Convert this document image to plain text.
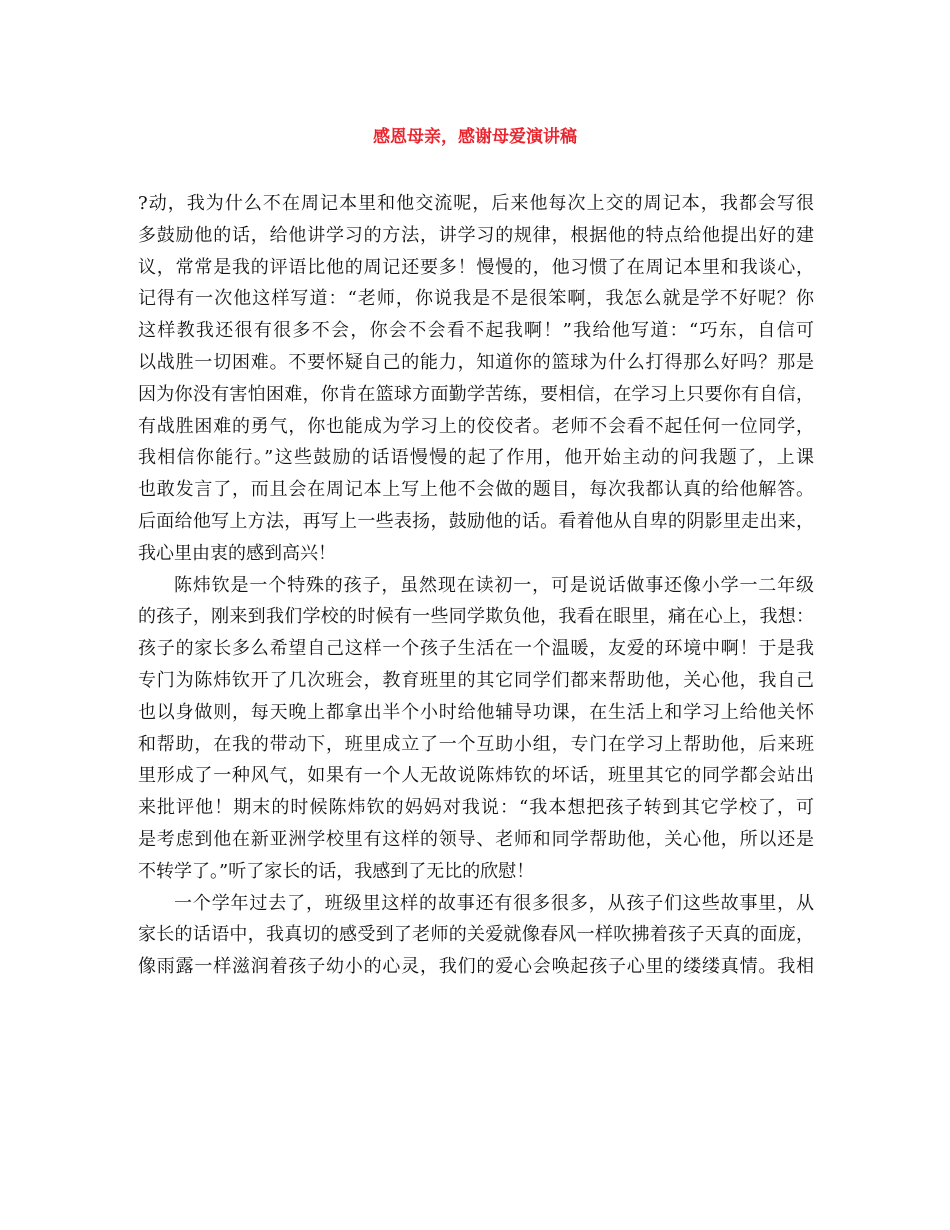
感恩母亲，感谢母爱演讲稿
?动，我为什么不在周记本里和他交流呢，后来他每次上交的周记本，我都会写很
多鼓励他的话，给他讲学习的方法，讲学习的规律，根据他的特点给他提出好的建
议，常常是我的评语比他的周记还要多！慢慢的，他习惯了在周记本里和我谈心，
记得有一次他这样写道：“老师，你说我是不是很笨啊，我怎么就是学不好呢？你
这样教我还很有很多不会，你会不会看不起我啊！”我给他写道：“巧东，自信可
以战胜一切困难。不要怀疑自己的能力，知道你的篮球为什么打得那么好吗？那是
因为你没有害怕困难，你肯在篮球方面勤学苦练，要相信，在学习上只要你有自信，
有战胜困难的勇气，你也能成为学习上的佼佼者。老师不会看不起任何一位同学，
我相信你能行。”这些鼓励的话语慢慢的起了作用，他开始主动的问我题了，上课
也敢发言了，而且会在周记本上写上他不会做的题目，每次我都认真的给他解答。
后面给他写上方法，再写上一些表扬，鼓励他的话。看着他从自卑的阴影里走出来，
我心里由衷的感到高兴！
陈炜钦是一个特殊的孩子，虽然现在读初一，可是说话做事还像小学一二年级
的孩子，刚来到我们学校的时候有一些同学欺负他，我看在眼里，痛在心上，我想：
孩子的家长多么希望自己这样一个孩子生活在一个温暖，友爱的环境中啊！于是我
专门为陈炜钦开了几次班会，教育班里的其它同学们都来帮助他，关心他，我自己
也以身做则，每天晚上都拿出半个小时给他辅导功课，在生活上和学习上给他关怀
和帮助，在我的带动下，班里成立了一个互助小组，专门在学习上帮助他，后来班
里形成了一种风气，如果有一个人无故说陈炜钦的坏话，班里其它的同学都会站出
来批评他！期末的时候陈炜钦的妈妈对我说：“我本想把孩子转到其它学校了，可
是考虑到他在新亚洲学校里有这样的领导、老师和同学帮助他，关心他，所以还是
不转学了。”听了家长的话，我感到了无比的欣慰！
一个学年过去了，班级里这样的故事还有很多很多，从孩子们这些故事里，从
家长的话语中，我真切的感受到了老师的关爱就像春风一样吹拂着孩子天真的面庞，
像雨露一样滋润着孩子幼小的心灵，我们的爱心会唤起孩子心里的缕缕真情。我相
